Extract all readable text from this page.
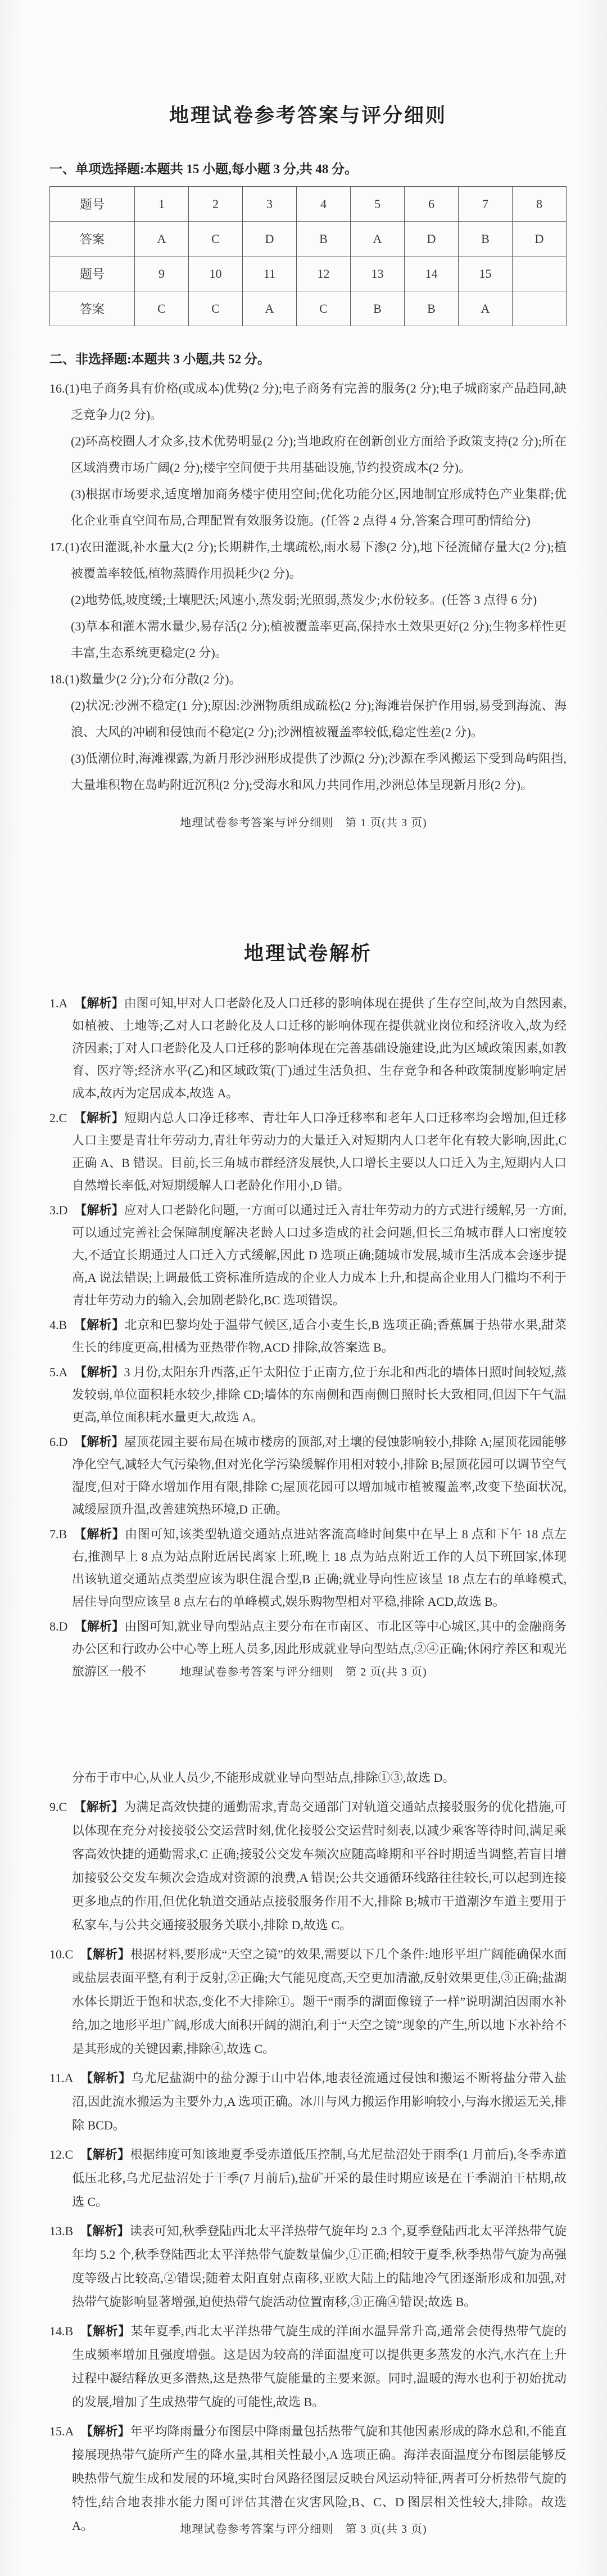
地理试卷参考答案与评分细则

一、单项选择题:本题共 15 小题,每小题 3 分,共 48 分。

题号	1	2	3	4	5	6	7	8
答案	A	C	D	B	A	D	B	D
题号	9	10	11	12	13	14	15	
答案	C	C	A	C	B	B	A	

二、非选择题:本题共 3 小题,共 52 分。

16.(1)电子商务具有价格(或成本)优势(2 分);电子商务有完善的服务(2 分);电子城商家产品趋同,缺乏竞争力(2 分)。

(2)环高校圈人才众多,技术优势明显(2 分);当地政府在创新创业方面给予政策支持(2 分);所在区域消费市场广阔(2 分);楼宇空间便于共用基础设施,节约投资成本(2 分)。

(3)根据市场要求,适度增加商务楼宇使用空间;优化功能分区,因地制宜形成特色产业集群;优化企业垂直空间布局,合理配置有效服务设施。(任答 2 点得 4 分,答案合理可酌情给分)

17.(1)农田灌溉,补水量大(2 分);长期耕作,土壤疏松,雨水易下渗(2 分),地下径流储存量大(2 分);植被覆盖率较低,植物蒸腾作用损耗少(2 分)。

(2)地势低,坡度缓;土壤肥沃;风速小,蒸发弱;光照弱,蒸发少;水份较多。(任答 3 点得 6 分)

(3)草本和灌木需水量少,易存活(2 分);植被覆盖率更高,保持水土效果更好(2 分);生物多样性更丰富,生态系统更稳定(2 分)。

18.(1)数量少(2 分);分布分散(2 分)。

(2)状况:沙洲不稳定(1 分);原因:沙洲物质组成疏松(2 分);海滩岩保护作用弱,易受到海流、海浪、大风的冲刷和侵蚀而不稳定(2 分);沙洲植被覆盖率较低,稳定性差(2 分)。

(3)低潮位时,海滩裸露,为新月形沙洲形成提供了沙源(2 分);沙源在季风搬运下受到岛屿阻挡,大量堆积物在岛屿附近沉积(2 分);受海水和风力共同作用,沙洲总体呈现新月形(2 分)。

地理试卷参考答案与评分细则　第 1 页(共 3 页)
地理试卷解析

1.A 【解析】由图可知,甲对人口老龄化及人口迁移的影响体现在提供了生存空间,故为自然因素,如植被、土地等;乙对人口老龄化及人口迁移的影响体现在提供就业岗位和经济收入,故为经济因素;丁对人口老龄化及人口迁移的影响体现在完善基础设施建设,此为区域政策因素,如教育、医疗等;经济水平(乙)和区域政策(丁)通过生活负担、生存竞争和各种政策制度影响定居成本,故丙为定居成本,故选 A。

2.C 【解析】短期内总人口净迁移率、青壮年人口净迁移率和老年人口迁移率均会增加,但迁移人口主要是青壮年劳动力,青壮年劳动力的大量迁入对短期内人口老年化有较大影响,因此,C 正确 A、B 错误。目前,长三角城市群经济发展快,人口增长主要以人口迁入为主,短期内人口自然增长率低,对短期缓解人口老龄化作用小,D 错。

3.D 【解析】应对人口老龄化问题,一方面可以通过迁入青壮年劳动力的方式进行缓解,另一方面,可以通过完善社会保障制度解决老龄人口过多造成的社会问题,但长三角城市群人口密度较大,不适宜长期通过人口迁入方式缓解,因此 D 选项正确;随城市发展,城市生活成本会逐步提高,A 说法错误;上调最低工资标准所造成的企业人力成本上升,和提高企业用人门槛均不利于青壮年劳动力的输入,会加剧老龄化,BC 选项错误。

4.B 【解析】北京和巴黎均处于温带气候区,适合小麦生长,B 选项正确;香蕉属于热带水果,甜菜生长的纬度更高,柑橘为亚热带作物,ACD 排除,故答案选 B。

5.A 【解析】3 月份,太阳东升西落,正午太阳位于正南方,位于东北和西北的墙体日照时间较短,蒸发较弱,单位面积耗水较少,排除 CD;墙体的东南侧和西南侧日照时长大致相同,但因下午气温更高,单位面积耗水量更大,故选 A。

6.D 【解析】屋顶花园主要布局在城市楼房的顶部,对土壤的侵蚀影响较小,排除 A;屋顶花园能够净化空气,减轻大气污染物,但对光化学污染缓解作用相对较小,排除 B;屋顶花园可以调节空气湿度,但对于降水增加作用有限,排除 C;屋顶花园可以增加城市植被覆盖率,改变下垫面状况,减缓屋顶升温,改善建筑热环境,D 正确。

7.B 【解析】由图可知,该类型轨道交通站点进站客流高峰时间集中在早上 8 点和下午 18 点左右,推测早上 8 点为站点附近居民离家上班,晚上 18 点为站点附近工作的人员下班回家,体现出该轨道交通站点类型应该为职住混合型,B 正确;就业导向性应该呈 18 点左右的单峰模式,居住导向型应该呈 8 点左右的单峰模式,娱乐购物型相对平稳,排除 ACD,故选 B。

8.D 【解析】由图可知,就业导向型站点主要分布在市南区、市北区等中心城区,其中的金融商务办公区和行政办公中心等上班人员多,因此形成就业导向型站点,②④正确;休闲疗养区和观光旅游区一般不	地理试卷参考答案与评分细则　第 2 页(共 3 页)

分布于市中心,从业人员少,不能形成就业导向型站点,排除①③,故选 D。

9.C 【解析】为满足高效快捷的通勤需求,青岛交通部门对轨道交通站点接驳服务的优化措施,可以体现在充分对接接驳公交运营时刻,优化接驳公交运营时刻表,以减少乘客等待时间,满足乘客高效快捷的通勤需求,C 正确;接驳公交发车频次应随高峰期和平谷时期适当调整,若盲目增加接驳公交发车频次会造成对资源的浪费,A 错误;公共交通循环线路往往较长,可以起到连接更多地点的作用,但优化轨道交通站点接驳服务作用不大,排除 B;城市干道潮汐车道主要用于私家车,与公共交通接驳服务关联小,排除 D,故选 C。

10.C 【解析】根据材料,要形成“天空之镜”的效果,需要以下几个条件:地形平坦广阔能确保水面或盐层表面平整,有利于反射,②正确;大气能见度高,天空更加清澈,反射效果更佳,③正确;盐湖水体长期近于饱和状态,变化不大排除①。题干“雨季的湖面像镜子一样”说明湖泊因雨水补给,加之地形平坦广阔,形成大面积开阔的湖泊,利于“天空之镜”现象的产生,所以地下水补给不是其形成的关键因素,排除④,故选 C。

11.A 【解析】乌尤尼盐湖中的盐分源于山中岩体,地表径流通过侵蚀和搬运不断将盐分带入盐沼,因此流水搬运为主要外力,A 选项正确。冰川与风力搬运作用影响较小,与海水搬运无关,排除 BCD。

12.C 【解析】根据纬度可知该地夏季受赤道低压控制,乌尤尼盐沼处于雨季(1 月前后),冬季赤道低压北移,乌尤尼盐沼处于干季(7 月前后),盐矿开采的最佳时期应该是在干季湖泊干枯期,故选 C。

13.B 【解析】读表可知,秋季登陆西北太平洋热带气旋年均 2.3 个,夏季登陆西北太平洋热带气旋年均 5.2 个,秋季登陆西北太平洋热带气旋数量偏少,①正确;相较于夏季,秋季热带气旋为高强度等级占比较高,②错误;随着太阳直射点南移,亚欧大陆上的陆地冷气团逐渐形成和加强,对热带气旋影响显著增强,迫使热带气旋活动位置南移,③正确④错误;故选 B。

14.B 【解析】某年夏季,西北太平洋热带气旋生成的洋面水温异常升高,通常会使得热带气旋的生成频率增加且强度增强。这是因为较高的洋面温度可以提供更多蒸发的水汽,水汽在上升过程中凝结释放更多潜热,这是热带气旋能量的主要来源。同时,温暖的海水也利于初始扰动的发展,增加了生成热带气旋的可能性,故选 B。

15.A 【解析】年平均降雨量分布图层中降雨量包括热带气旋和其他因素形成的降水总和,不能直接展现热带气旋所产生的降水量,其相关性最小,A 选项正确。海洋表面温度分布图层能够反映热带气旋生成和发展的环境,实时台风路径图层反映台风运动特征,两者可分析热带气旋的特性,结合地表排水能力图可评估其潜在灾害风险,B、C、D 图层相关性较大,排除。故选 A。	地理试卷参考答案与评分细则　第 3 页(共 3 页)
